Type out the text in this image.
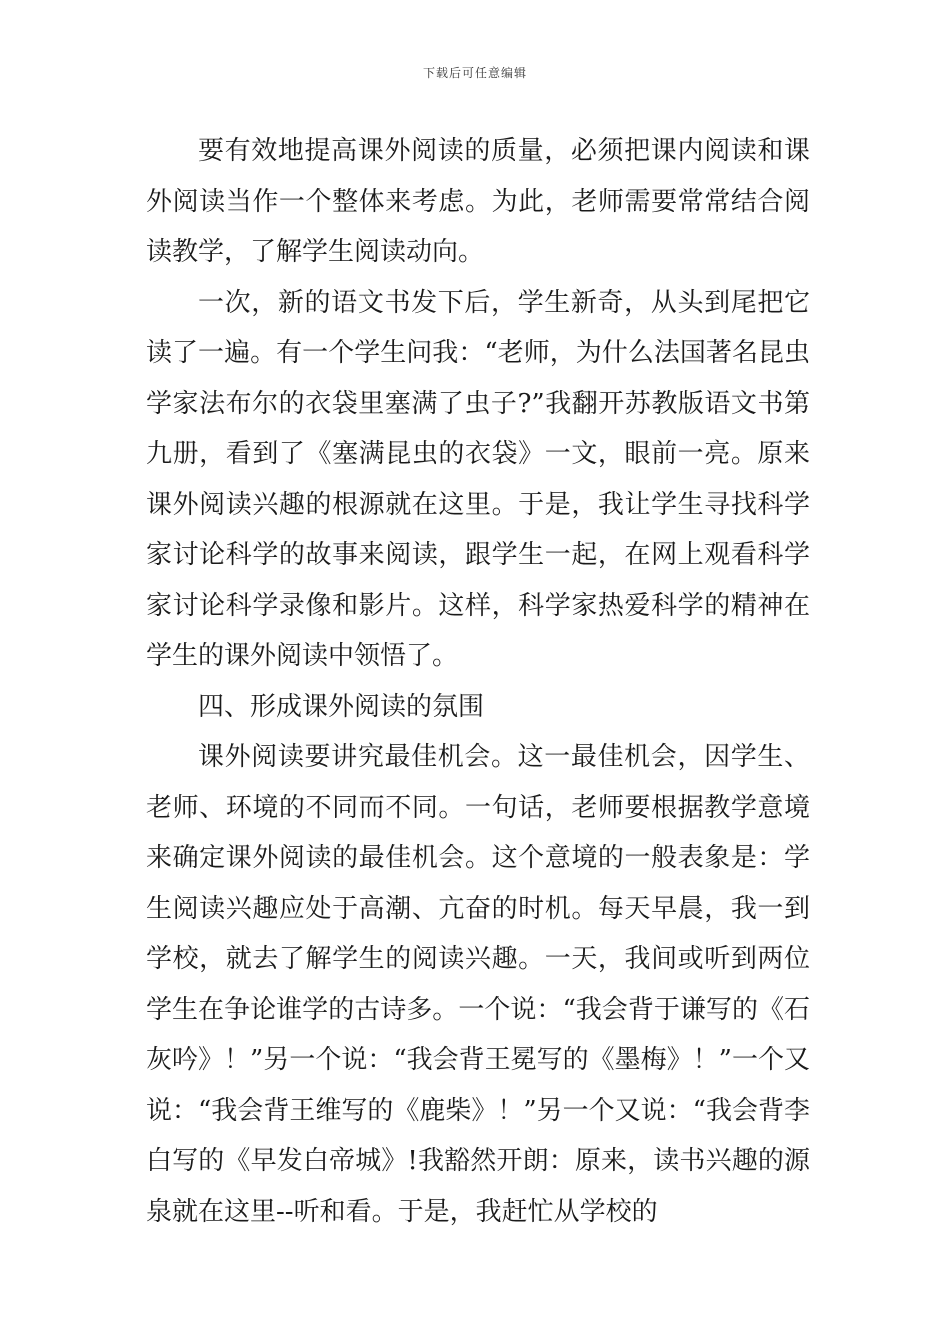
下载后可任意编辑

要有效地提高课外阅读的质量，必须把课内阅读和课外阅读当作一个整体来考虑。为此，老师需要常常结合阅读教学，了解学生阅读动向。

一次，新的语文书发下后，学生新奇，从头到尾把它读了一遍。有一个学生问我：“老师，为什么法国著名昆虫学家法布尔的衣袋里塞满了虫子?”我翻开苏教版语文书第九册，看到了《塞满昆虫的衣袋》一文，眼前一亮。原来课外阅读兴趣的根源就在这里。于是，我让学生寻找科学家讨论科学的故事来阅读，跟学生一起，在网上观看科学家讨论科学录像和影片。这样，科学家热爱科学的精神在学生的课外阅读中领悟了。

四、形成课外阅读的氛围

课外阅读要讲究最佳机会。这一最佳机会，因学生、老师、环境的不同而不同。一句话，老师要根据教学意境来确定课外阅读的最佳机会。这个意境的一般表象是：学生阅读兴趣应处于高潮、亢奋的时机。每天早晨，我一到学校，就去了解学生的阅读兴趣。一天，我间或听到两位学生在争论谁学的古诗多。一个说：“我会背于谦写的《石灰吟》！”另一个说：“我会背王冕写的《墨梅》！”一个又说：“我会背王维写的《鹿柴》！”另一个又说：“我会背李白写的《早发白帝城》!我豁然开朗：原来，读书兴趣的源泉就在这里--听和看。于是，我赶忙从学校的
